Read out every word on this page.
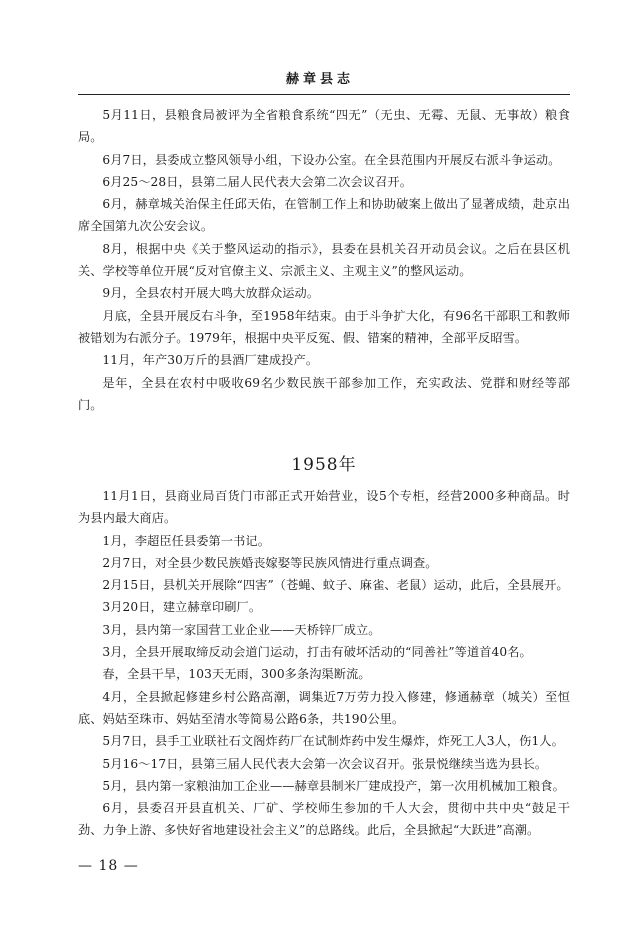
赫章县志

5月11日，县粮食局被评为全省粮食系统“四无”（无虫、无霉、无鼠、无事故）粮食局。

6月7日，县委成立整风领导小组，下设办公室。在全县范围内开展反右派斗争运动。

6月25～28日，县第二届人民代表大会第二次会议召开。

6月，赫章城关治保主任邱天佑，在管制工作上和协助破案上做出了显著成绩，赴京出席全国第九次公安会议。

8月，根据中央《关于整风运动的指示》，县委在县机关召开动员会议。之后在县区机关、学校等单位开展“反对官僚主义、宗派主义、主观主义”的整风运动。

9月，全县农村开展大鸣大放群众运动。

月底，全县开展反右斗争，至1958年结束。由于斗争扩大化，有96名干部职工和教师被错划为右派分子。1979年，根据中央平反冤、假、错案的精神，全部平反昭雪。

11月，年产30万斤的县酒厂建成投产。

是年，全县在农村中吸收69名少数民族干部参加工作，充实政法、党群和财经等部门。

1958年

11月1日，县商业局百货门市部正式开始营业，设5个专柜，经营2000多种商品。时为县内最大商店。

1月，李超臣任县委第一书记。

2月7日，对全县少数民族婚丧嫁娶等民族风情进行重点调查。

2月15日，县机关开展除“四害”（苍蝇、蚊子、麻雀、老鼠）运动，此后，全县展开。

3月20日，建立赫章印刷厂。

3月，县内第一家国营工业企业——天桥锌厂成立。

3月，全县开展取缔反动会道门运动，打击有破坏活动的“同善社”等道首40名。

春，全县干旱，103天无雨，300多条沟渠断流。

4月，全县掀起修建乡村公路高潮，调集近7万劳力投入修建，修通赫章（城关）至恒底、妈姑至珠市、妈姑至清水等简易公路6条，共190公里。

5月7日，县手工业联社石文阁炸药厂在试制炸药中发生爆炸，炸死工人3人，伤1人。

5月16～17日，县第三届人民代表大会第一次会议召开。张景悦继续当选为县长。

5月，县内第一家粮油加工企业——赫章县制米厂建成投产，第一次用机械加工粮食。

6月，县委召开县直机关、厂矿、学校师生参加的千人大会，贯彻中共中央“鼓足干劲、力争上游、多快好省地建设社会主义”的总路线。此后，全县掀起“大跃进”高潮。

— 18 —
